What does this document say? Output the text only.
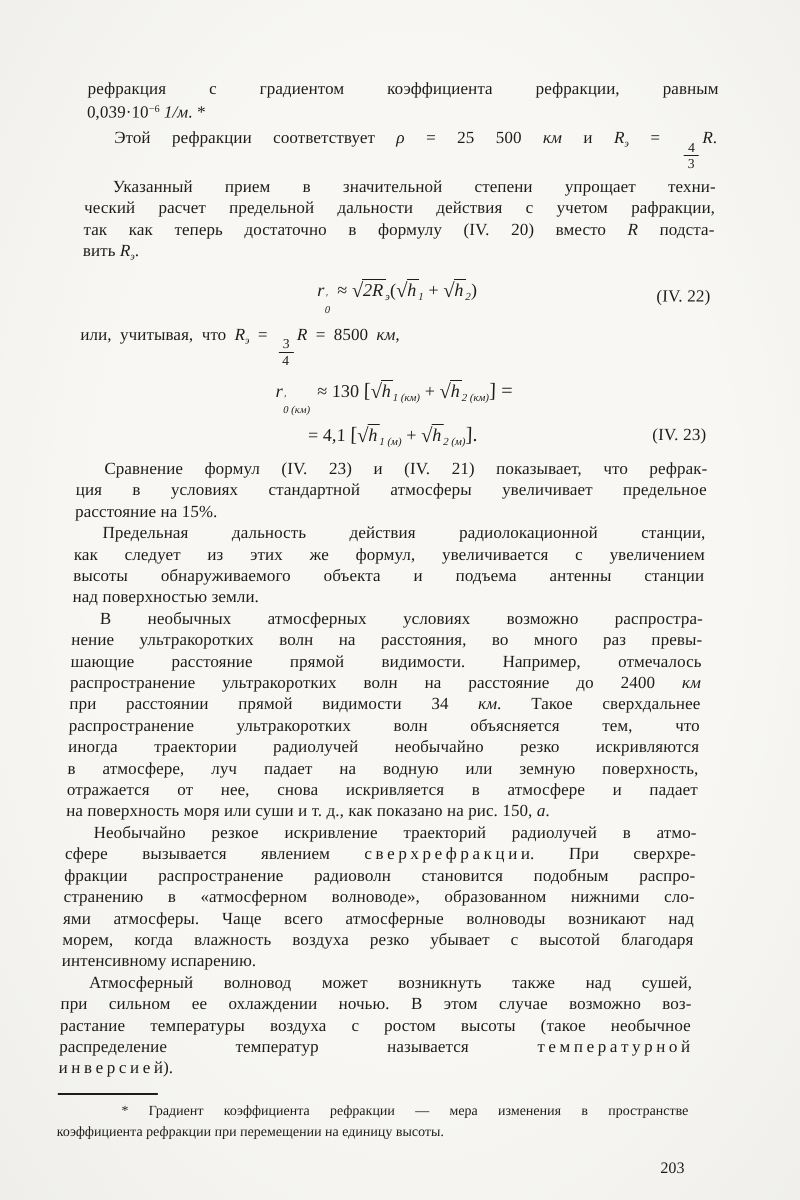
рефракция с градиентом коэффициента рефракции, равным
$0,039\cdot 10^{-6}$ 1/м. *
Этой рефракции соответствует ρ = 25 500 км и $R_э$ =
$\frac{4}{3}$
R.
Указанный прием в значительной степени упрощает техни-
ческий расчет предельной дальности действия с учетом рафракции,
так как теперь достаточно в формулу (IV. 20) вместо R подста-
вить $R_э$.
r ′
0
≈ $√2R_э(√h_1 + √h_2)$	(IV. 22)
или, учитывая, что $R_э$ =
$\frac{3}{4}$
R = 8500 км,
r ′
0 (км)
≈ 130 $[√h_{1 (км)} + √h_{2 (км)}]$ =
= 4,1 $[√h_{1 (м)} + √h_{2 (м)}]$.	(IV. 23)
Сравнение формул (IV. 23) и (IV. 21) показывает, что рефрак-
ция в условиях стандартной атмосферы увеличивает предельное
расстояние на 15%.
Предельная дальность действия радиолокационной станции,
как следует из этих же формул, увеличивается с увеличением
высоты обнаруживаемого объекта и подъема антенны станции
над поверхностью земли.
В необычных атмосферных условиях возможно распростра-
нение ультракоротких волн на расстояния, во много раз превы-
шающие расстояние прямой видимости. Например, отмечалось
распространение ультракоротких волн на расстояние до 2400 км
при расстоянии прямой видимости 34 км. Такое сверхдальнее
распространение ультракоротких волн объясняется тем, что
иногда траектории радиолучей необычайно резко искривляются
в атмосфере, луч падает на водную или земную поверхность,
отражается от нее, снова искривляется в атмосфере и падает
на поверхность моря или суши и т. д., как показано на рис. 150, а.
Необычайно резкое искривление траекторий радиолучей в атмо-
сфере вызывается явлением с в е р х р е ф р а к ц и и. При сверхре-
фракции распространение радиоволн становится подобным распро-
странению в «атмосферном волноводе», образованном нижними сло-
ями атмосферы. Чаще всего атмосферные волноводы возникают над
морем, когда влажность воздуха резко убывает с высотой благодаря
интенсивному испарению.
Атмосферный волновод может возникнуть также над сушей,
при сильном ее охлаждении ночью. В этом случае возможно воз-
растание температуры воздуха с ростом высоты (такое необычное
распределение температур называется т е м п е р а т у р н о й
и н в е р с и е й).
* Градиент коэффициента рефракции — мера изменения в пространстве
коэффициента рефракции при перемещении на единицу высоты.
203
